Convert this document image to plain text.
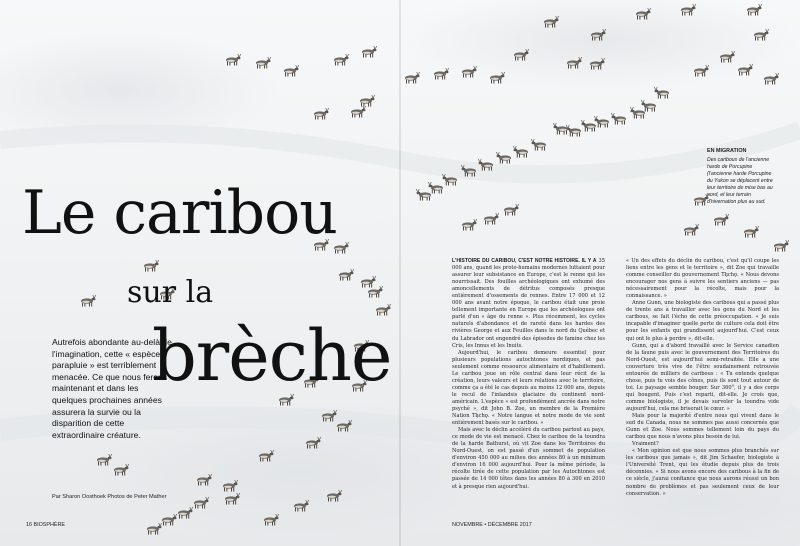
Le caribou
sur la
brèche

Autrefois abondante au-delà de l'imagination, cette « espèce parapluie » est terriblement menacée. Ce que nous ferons maintenant et dans les quelques prochaines années assurera la survie ou la disparition de cette extraordinaire créature.

Par Sharon Oosthoek Photos de Peter Mather
16 BIOSPHÈRE	NOVEMBRE • DÉCEMBRE 2017
EN MIGRATION
Des caribous de l'ancienne harde de Porcupine (l'ancienne harde Porcupine du Yukon se déplacent entre leur territoire de mise bas au nord, et leur terrain d'hivernation plus au sud.

L'HISTOIRE DU CARIBOU, C'EST NOTRE HISTOIRE. IL Y A 35 000 ans, quand les proto-humains modernes luttaient pour assurer leur subsistance en Europe, c'est le renne qui les nourrissait. Des fouilles archéologiques ont exhumé des amoncellements de détritus composés presque entièrement d'ossements de rennes. Entre 17 000 et 12 000 ans avant notre époque, le caribou était une proie tellement importante en Europe que les archéologues ont parlé d'un « âge du renne ». Plus récemment, les cycles naturels d'abondance et de rareté dans les hardes des rivières George et aux Feuilles dans le nord du Québec et du Labrador ont engendré des épisodes de famine chez les Cris, les Innus et les Inuits.

Aujourd'hui, le caribou demeure essentiel pour plusieurs populations autochtones nordiques, et pas seulement comme ressource alimentaire et d'habillement. Le caribou joue un rôle central dans leur récit de la création, leurs valeurs et leurs relations avec le territoire, comme ça a été le cas depuis au moins 12 000 ans, depuis le recul de l'inlandsis glaciaire du continent nord-américain. L'espèce « est profondément ancrée dans notre psyché », dit John B. Zoe, un membre de la Première Nation Tłı̨chǫ. « Notre langue et notre mode de vie sont entièrement basés sur le caribou. »

Mais avec le déclin accéléré du caribou partout au pays, ce mode de vie est menacé. Chez le caribou de la toundra de la harde Bathurst, où vit Zoe dans les Territoires du Nord-Ouest, on est passé d'un sommet de population d'environ 450 000 au milieu des années 80 à un minimum d'environ 16 000 aujourd'hui. Pour la même période, la récolte tirée de cette population par les Autochtones est passée de 14 000 têtes dans les années 80 à 300 en 2010 et à presque rien aujourd'hui.

« Un des effets du déclin du caribou, c'est qu'il coupe les liens entre les gens et le territoire », dit Zoe qui travaille comme conseiller du gouvernement Tłı̨chǫ. « Nous devons encourager nos gens à suivre les sentiers anciens — pas nécessairement pour la récolte, mais pour la connaissance. »

Anne Gunn, une biologiste des caribous qui a passé plus de trente ans à travailler avec les gens du Nord et les caribous, se fait l'écho de cette préoccupation. « Je suis incapable d'imaginer quelle perte de culture cela doit être pour les enfants qui grandissent aujourd'hui. C'est ceux qui ont le plus à perdre », dit-elle.

Gunn, qui a d'abord travaillé avec le Service canadien de la faune puis avec le gouvernement des Territoires du Nord-Ouest, est aujourd'hui semi-retraitée. Elle a une couverture très vive de l'être soudainement retrouvée entourée de milliers de caribous : « Tu entends quelque chose, puis tu vois des cônes, puis ils sont tout autour de toi. Le paysage semble bouger. Sur 360°, il y a des corps qui bougent. Puis c'est reparti, dit-elle. Je crois que, comme biologiste, il je devais survoler la toundra vide aujourd'hui, cela me briserait le cœur. »

Mais pour la majorité d'entre nous qui vivent dans le sud du Canada, nous ne sommes pas aussi concernés que Gunn et Zoe. Nous sommes tellement loin du pays du caribou que nous n'avons plus besoin de lui.

Vraiment?

« Mon opinion est que nous sommes plus branchés sur les caribous que jamais », dit Jim Schaefer, biologiste à l'Université Trent, qui les étudie depuis plus de trois décennies. « Si nous avons encore des caribous à la fin de ce siècle, j'aurai confiance que nous aurons réussi un bon nombre de problèmes et pas seulement ceux de leur conservation. »
